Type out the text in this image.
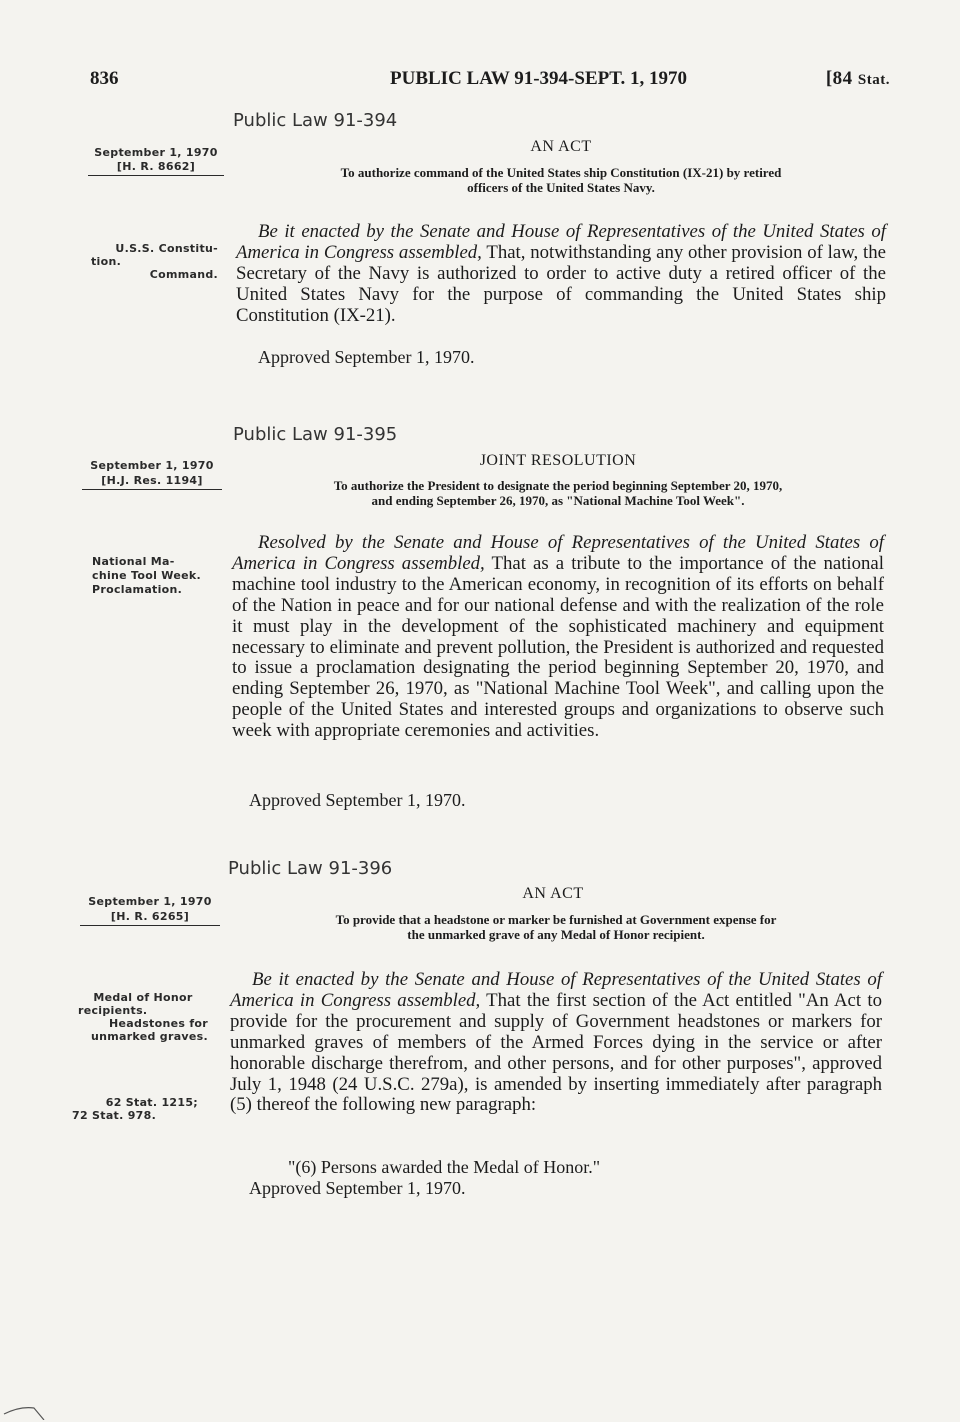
836	PUBLIC LAW 91-394-SEPT. 1, 1970	[84 Stat.
Public Law 91-394
September 1, 1970
[H. R. 8662]
AN ACT
To authorize command of the United States ship Constitution (IX-21) by retired
officers of the United States Navy.
U.S.S. Constitu-
tion.
Command.
Be it enacted by the Senate and House of Representatives of the United States of America in Congress assembled, That, notwithstanding any other provision of law, the Secretary of the Navy is authorized to order to active duty a retired officer of the United States Navy for the purpose of commanding the United States ship Constitution (IX-21).
Approved September 1, 1970.
Public Law 91-395
September 1, 1970
[H.J. Res. 1194]
JOINT RESOLUTION
To authorize the President to designate the period beginning September 20, 1970,
and ending September 26, 1970, as "National Machine Tool Week".
National Ma-
chine Tool Week.
Proclamation.
Resolved by the Senate and House of Representatives of the United States of America in Congress assembled, That as a tribute to the importance of the national machine tool industry to the American economy, in recognition of its efforts on behalf of the Nation in peace and for our national defense and with the realization of the role it must play in the development of the sophisticated machinery and equipment necessary to eliminate and prevent pollution, the President is authorized and requested to issue a proclamation designating the period beginning September 20, 1970, and ending September 26, 1970, as "National Machine Tool Week", and calling upon the people of the United States and interested groups and organizations to observe such week with appropriate ceremonies and activities.
Approved September 1, 1970.
Public Law 91-396
September 1, 1970
[H. R. 6265]
AN ACT
To provide that a headstone or marker be furnished at Government expense for
the unmarked grave of any Medal of Honor recipient.
Medal of Honor
recipients.
Headstones for
unmarked graves.
62 Stat. 1215;
72 Stat. 978.
Be it enacted by the Senate and House of Representatives of the United States of America in Congress assembled, That the first section of the Act entitled "An Act to provide for the procurement and supply of Government headstones or markers for unmarked graves of members of the Armed Forces dying in the service or after honorable discharge therefrom, and other persons, and for other purposes", approved July 1, 1948 (24 U.S.C. 279a), is amended by inserting immediately after paragraph (5) thereof the following new paragraph:
"(6) Persons awarded the Medal of Honor."
Approved September 1, 1970.
